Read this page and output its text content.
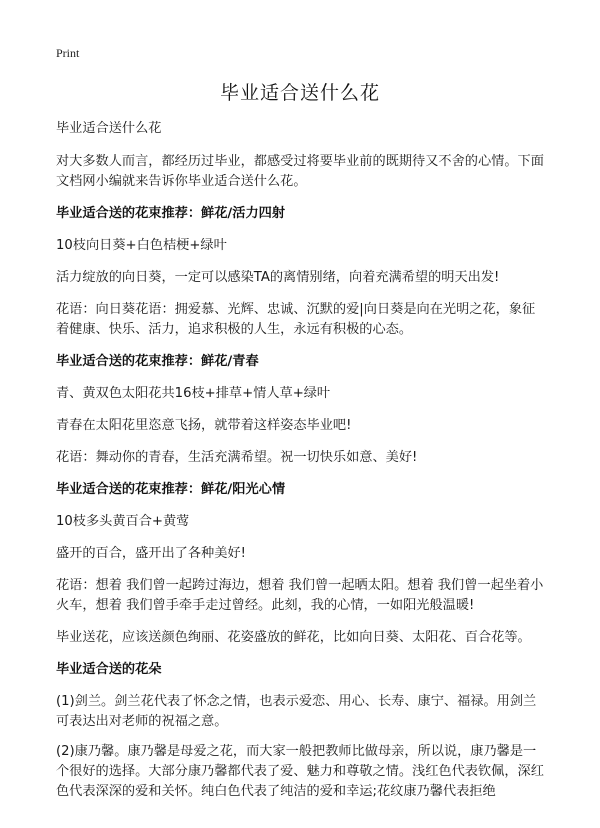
Print
毕业适合送什么花

毕业适合送什么花

对大多数人而言，都经历过毕业，都感受过将要毕业前的既期待又不舍的心情。下面文档网小编就来告诉你毕业适合送什么花。

毕业适合送的花束推荐：鲜花/活力四射

10枝向日葵+白色桔梗+绿叶

活力绽放的向日葵，一定可以感染TA的离情别绪，向着充满希望的明天出发!

花语：向日葵花语：拥爱慕、光辉、忠诚、沉默的爱|向日葵是向在光明之花，象征着健康、快乐、活力，追求积极的人生，永远有积极的心态。

毕业适合送的花束推荐：鲜花/青春

青、黄双色太阳花共16枝+排草+情人草+绿叶

青春在太阳花里恣意飞扬，就带着这样姿态毕业吧!

花语：舞动你的青春，生活充满希望。祝一切快乐如意、美好!

毕业适合送的花束推荐：鲜花/阳光心情

10枝多头黄百合+黄莺

盛开的百合，盛开出了各种美好!

花语：想着 我们曾一起跨过海边，想着 我们曾一起晒太阳。想着 我们曾一起坐着小火车，想着 我们曾手牵手走过曾经。此刻，我的心情，一如阳光般温暖!

毕业送花，应该送颜色绚丽、花姿盛放的鲜花，比如向日葵、太阳花、百合花等。

毕业适合送的花朵

(1)剑兰。剑兰花代表了怀念之情，也表示爱恋、用心、长寿、康宁、福禄。用剑兰可表达出对老师的祝福之意。

(2)康乃馨。康乃馨是母爱之花，而大家一般把教师比做母亲，所以说，康乃馨是一个很好的选择。大部分康乃馨都代表了爱、魅力和尊敬之情。浅红色代表钦佩，深红色代表深深的爱和关怀。纯白色代表了纯洁的爱和幸运;花纹康乃馨代表拒绝
